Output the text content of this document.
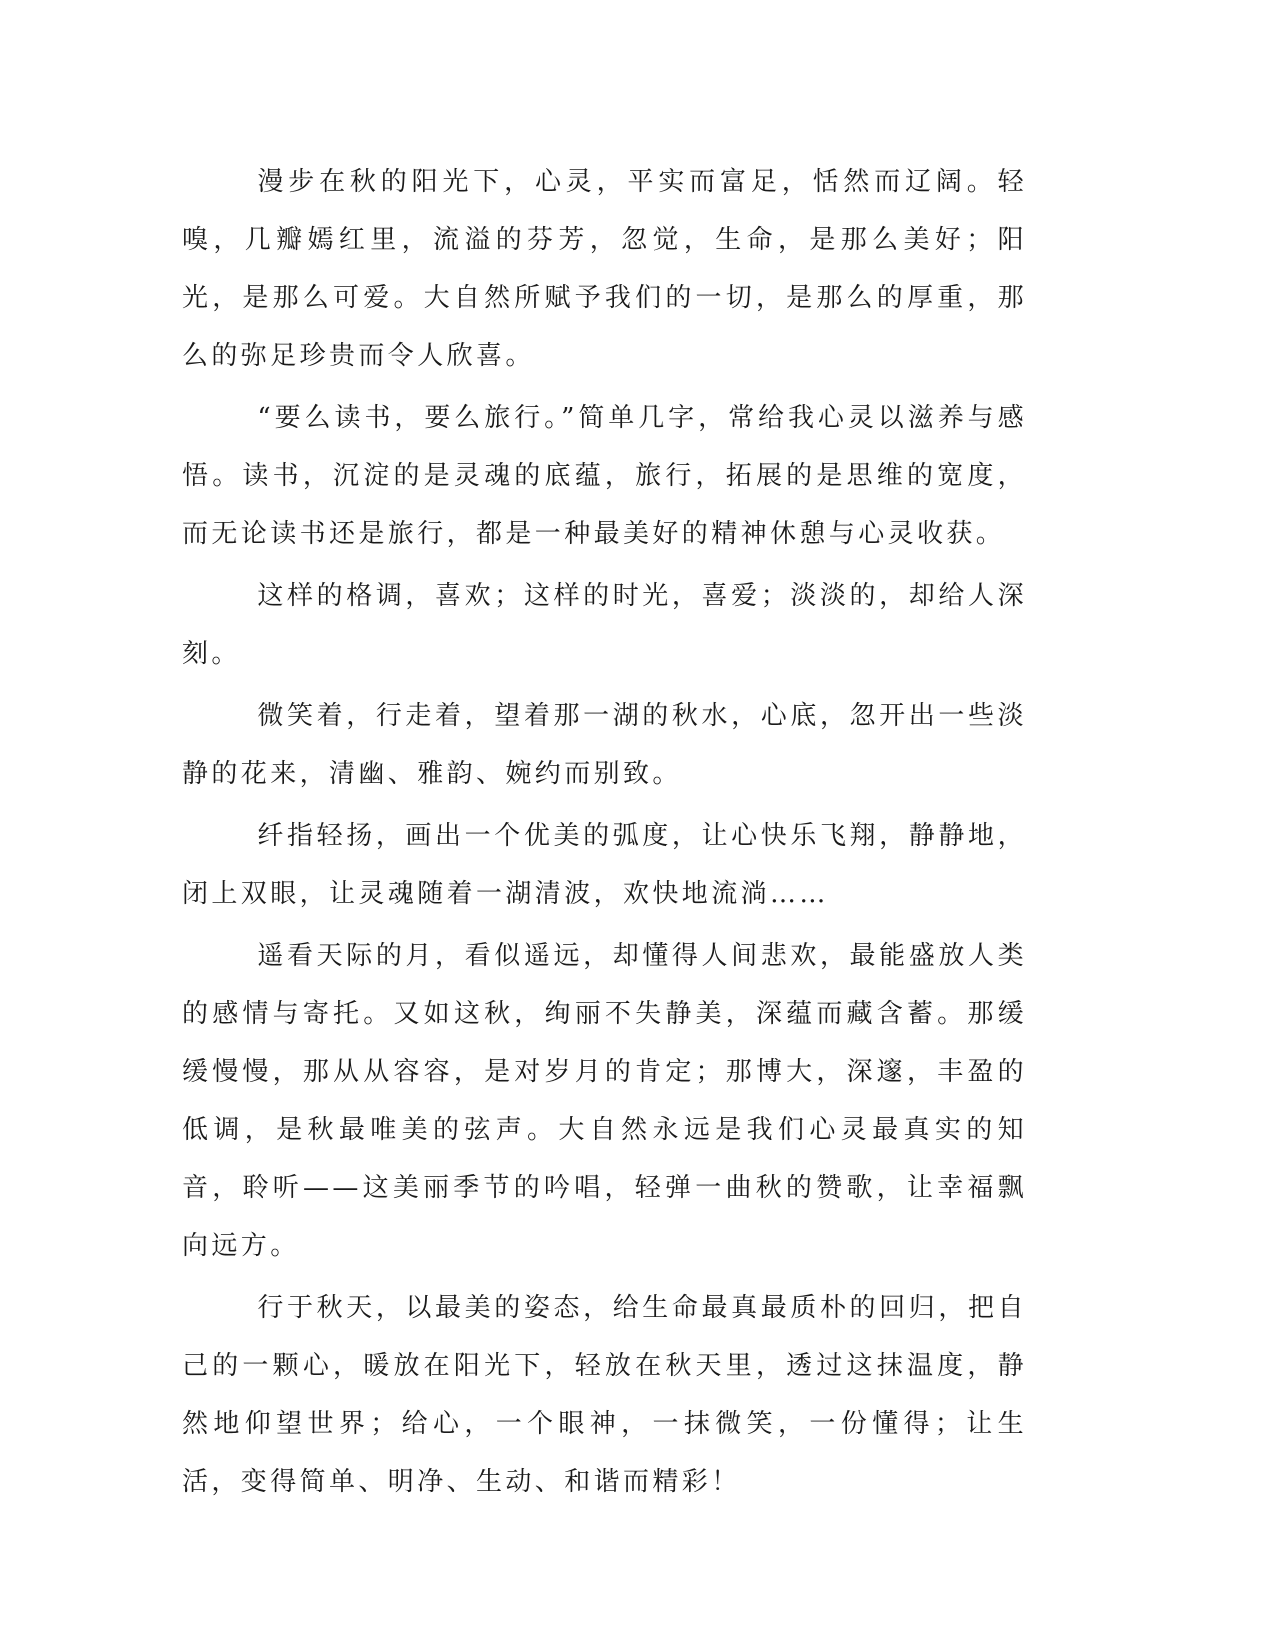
漫步在秋的阳光下，心灵，平实而富足，恬然而辽阔。轻嗅，几瓣嫣红里，流溢的芬芳，忽觉，生命，是那么美好；阳光，是那么可爱。大自然所赋予我们的一切，是那么的厚重，那么的弥足珍贵而令人欣喜。

“要么读书，要么旅行。”简单几字，常给我心灵以滋养与感悟。读书，沉淀的是灵魂的底蕴，旅行，拓展的是思维的宽度，而无论读书还是旅行，都是一种最美好的精神休憩与心灵收获。

这样的格调，喜欢；这样的时光，喜爱；淡淡的，却给人深刻。

微笑着，行走着，望着那一湖的秋水，心底，忽开出一些淡静的花来，清幽、雅韵、婉约而别致。

纤指轻扬，画出一个优美的弧度，让心快乐飞翔，静静地，闭上双眼，让灵魂随着一湖清波，欢快地流淌……

遥看天际的月，看似遥远，却懂得人间悲欢，最能盛放人类的感情与寄托。又如这秋，绚丽不失静美，深蕴而藏含蓄。那缓缓慢慢，那从从容容，是对岁月的肯定；那博大，深邃，丰盈的低调，是秋最唯美的弦声。大自然永远是我们心灵最真实的知音，聆听——这美丽季节的吟唱，轻弹一曲秋的赞歌，让幸福飘向远方。

行于秋天，以最美的姿态，给生命最真最质朴的回归，把自己的一颗心，暖放在阳光下，轻放在秋天里，透过这抹温度，静然地仰望世界；给心，一个眼神，一抹微笑，一份懂得；让生活，变得简单、明净、生动、和谐而精彩！
